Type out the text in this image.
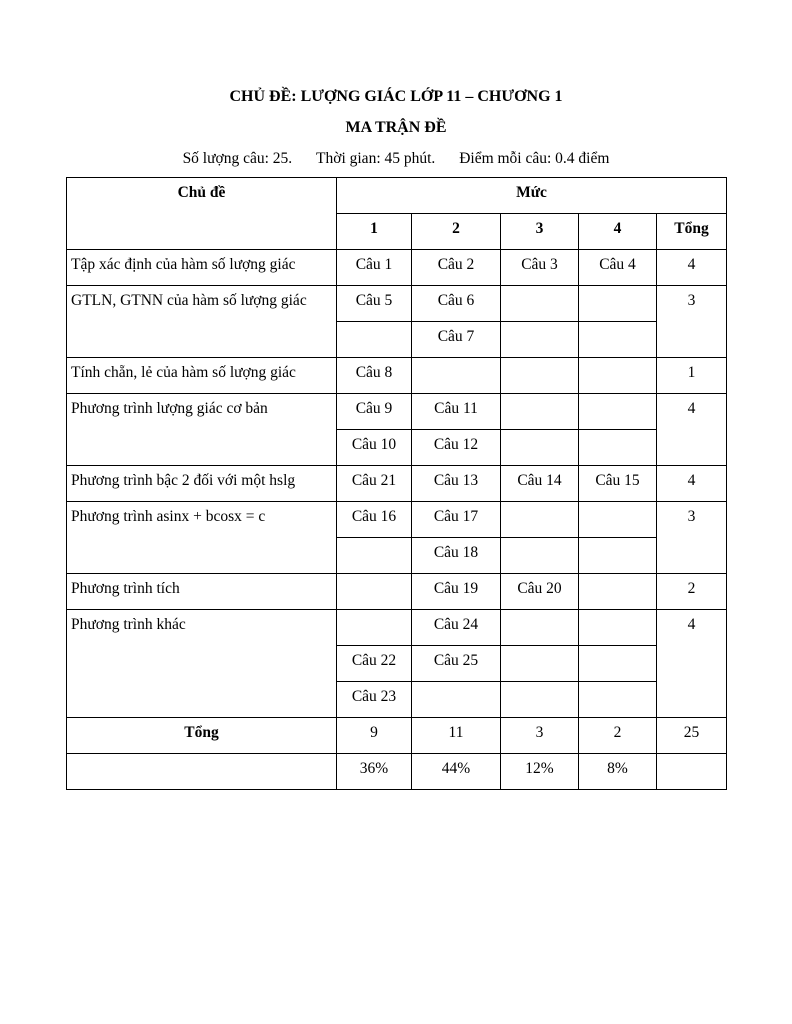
CHỦ ĐỀ: LƯỢNG GIÁC LỚP 11 – CHƯƠNG 1
MA TRẬN ĐỀ
Số lượng câu: 25. Thời gian: 45 phút. Điểm mỗi câu: 0.4 điểm
Chủ đề	Mức				
	1	2	3	4	Tổng
Tập xác định của hàm số lượng giác	Câu 1	Câu 2	Câu 3	Câu 4	4
GTLN, GTNN của hàm số lượng giác	Câu 5	Câu 6			3
		Câu 7			
Tính chẵn, lẻ của hàm số lượng giác	Câu 8				1
Phương trình lượng giác cơ bản	Câu 9	Câu 11			4
	Câu 10	Câu 12			
Phương trình bậc 2 đối với một hslg	Câu 21	Câu 13	Câu 14	Câu 15	4
Phương trình asinx + bcosx = c	Câu 16	Câu 17			3
		Câu 18			
Phương trình tích		Câu 19	Câu 20		2
Phương trình khác		Câu 24			4
	Câu 22	Câu 25			
	Câu 23				
Tổng	9	11	3	2	25
	36%	44%	12%	8%	
